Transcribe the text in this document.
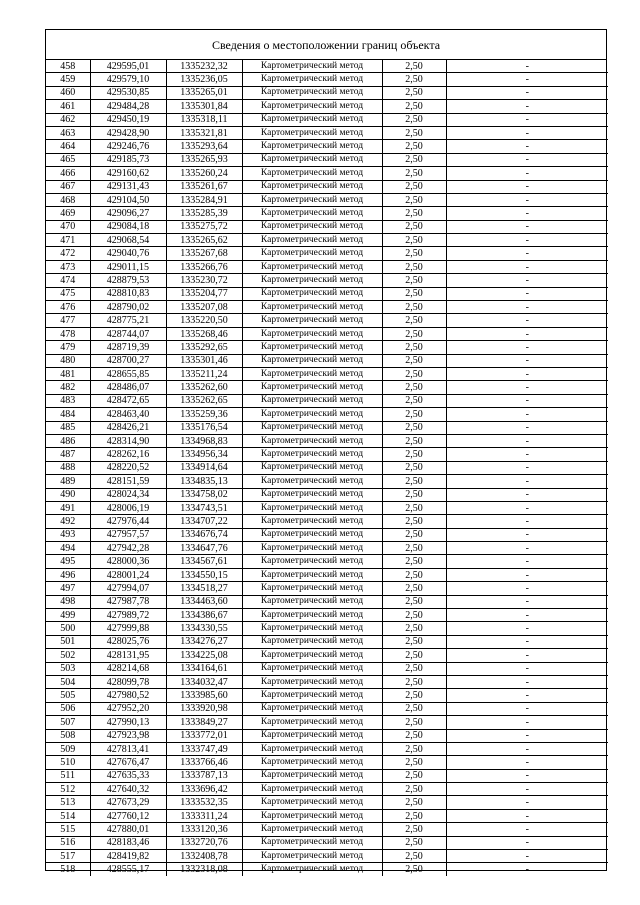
Сведения о местоположении границ объекта
458	429595,01	1335232,32	Картометрический метод	2,50	-
459	429579,10	1335236,05	Картометрический метод	2,50	-
460	429530,85	1335265,01	Картометрический метод	2,50	-
461	429484,28	1335301,84	Картометрический метод	2,50	-
462	429450,19	1335318,11	Картометрический метод	2,50	-
463	429428,90	1335321,81	Картометрический метод	2,50	-
464	429246,76	1335293,64	Картометрический метод	2,50	-
465	429185,73	1335265,93	Картометрический метод	2,50	-
466	429160,62	1335260,24	Картометрический метод	2,50	-
467	429131,43	1335261,67	Картометрический метод	2,50	-
468	429104,50	1335284,91	Картометрический метод	2,50	-
469	429096,27	1335285,39	Картометрический метод	2,50	-
470	429084,18	1335275,72	Картометрический метод	2,50	-
471	429068,54	1335265,62	Картометрический метод	2,50	-
472	429040,76	1335267,68	Картометрический метод	2,50	-
473	429011,15	1335266,76	Картометрический метод	2,50	-
474	428879,53	1335230,72	Картометрический метод	2,50	-
475	428810,83	1335204,77	Картометрический метод	2,50	-
476	428790,02	1335207,08	Картометрический метод	2,50	-
477	428775,21	1335220,50	Картометрический метод	2,50	-
478	428744,07	1335268,46	Картометрический метод	2,50	-
479	428719,39	1335292,65	Картометрический метод	2,50	-
480	428700,27	1335301,46	Картометрический метод	2,50	-
481	428655,85	1335211,24	Картометрический метод	2,50	-
482	428486,07	1335262,60	Картометрический метод	2,50	-
483	428472,65	1335262,65	Картометрический метод	2,50	-
484	428463,40	1335259,36	Картометрический метод	2,50	-
485	428426,21	1335176,54	Картометрический метод	2,50	-
486	428314,90	1334968,83	Картометрический метод	2,50	-
487	428262,16	1334956,34	Картометрический метод	2,50	-
488	428220,52	1334914,64	Картометрический метод	2,50	-
489	428151,59	1334835,13	Картометрический метод	2,50	-
490	428024,34	1334758,02	Картометрический метод	2,50	-
491	428006,19	1334743,51	Картометрический метод	2,50	-
492	427976,44	1334707,22	Картометрический метод	2,50	-
493	427957,57	1334676,74	Картометрический метод	2,50	-
494	427942,28	1334647,76	Картометрический метод	2,50	-
495	428000,36	1334567,61	Картометрический метод	2,50	-
496	428001,24	1334550,15	Картометрический метод	2,50	-
497	427994,07	1334518,27	Картометрический метод	2,50	-
498	427987,78	1334463,60	Картометрический метод	2,50	-
499	427989,72	1334386,67	Картометрический метод	2,50	-
500	427999,88	1334330,55	Картометрический метод	2,50	-
501	428025,76	1334276,27	Картометрический метод	2,50	-
502	428131,95	1334225,08	Картометрический метод	2,50	-
503	428214,68	1334164,61	Картометрический метод	2,50	-
504	428099,78	1334032,47	Картометрический метод	2,50	-
505	427980,52	1333985,60	Картометрический метод	2,50	-
506	427952,20	1333920,98	Картометрический метод	2,50	-
507	427990,13	1333849,27	Картометрический метод	2,50	-
508	427923,98	1333772,01	Картометрический метод	2,50	-
509	427813,41	1333747,49	Картометрический метод	2,50	-
510	427676,47	1333766,46	Картометрический метод	2,50	-
511	427635,33	1333787,13	Картометрический метод	2,50	-
512	427640,32	1333696,42	Картометрический метод	2,50	-
513	427673,29	1333532,35	Картометрический метод	2,50	-
514	427760,12	1333311,24	Картометрический метод	2,50	-
515	427880,01	1333120,36	Картометрический метод	2,50	-
516	428183,46	1332720,76	Картометрический метод	2,50	-
517	428419,82	1332408,78	Картометрический метод	2,50	-
518	428555,17	1332318,08	Картометрический метод	2,50	-
